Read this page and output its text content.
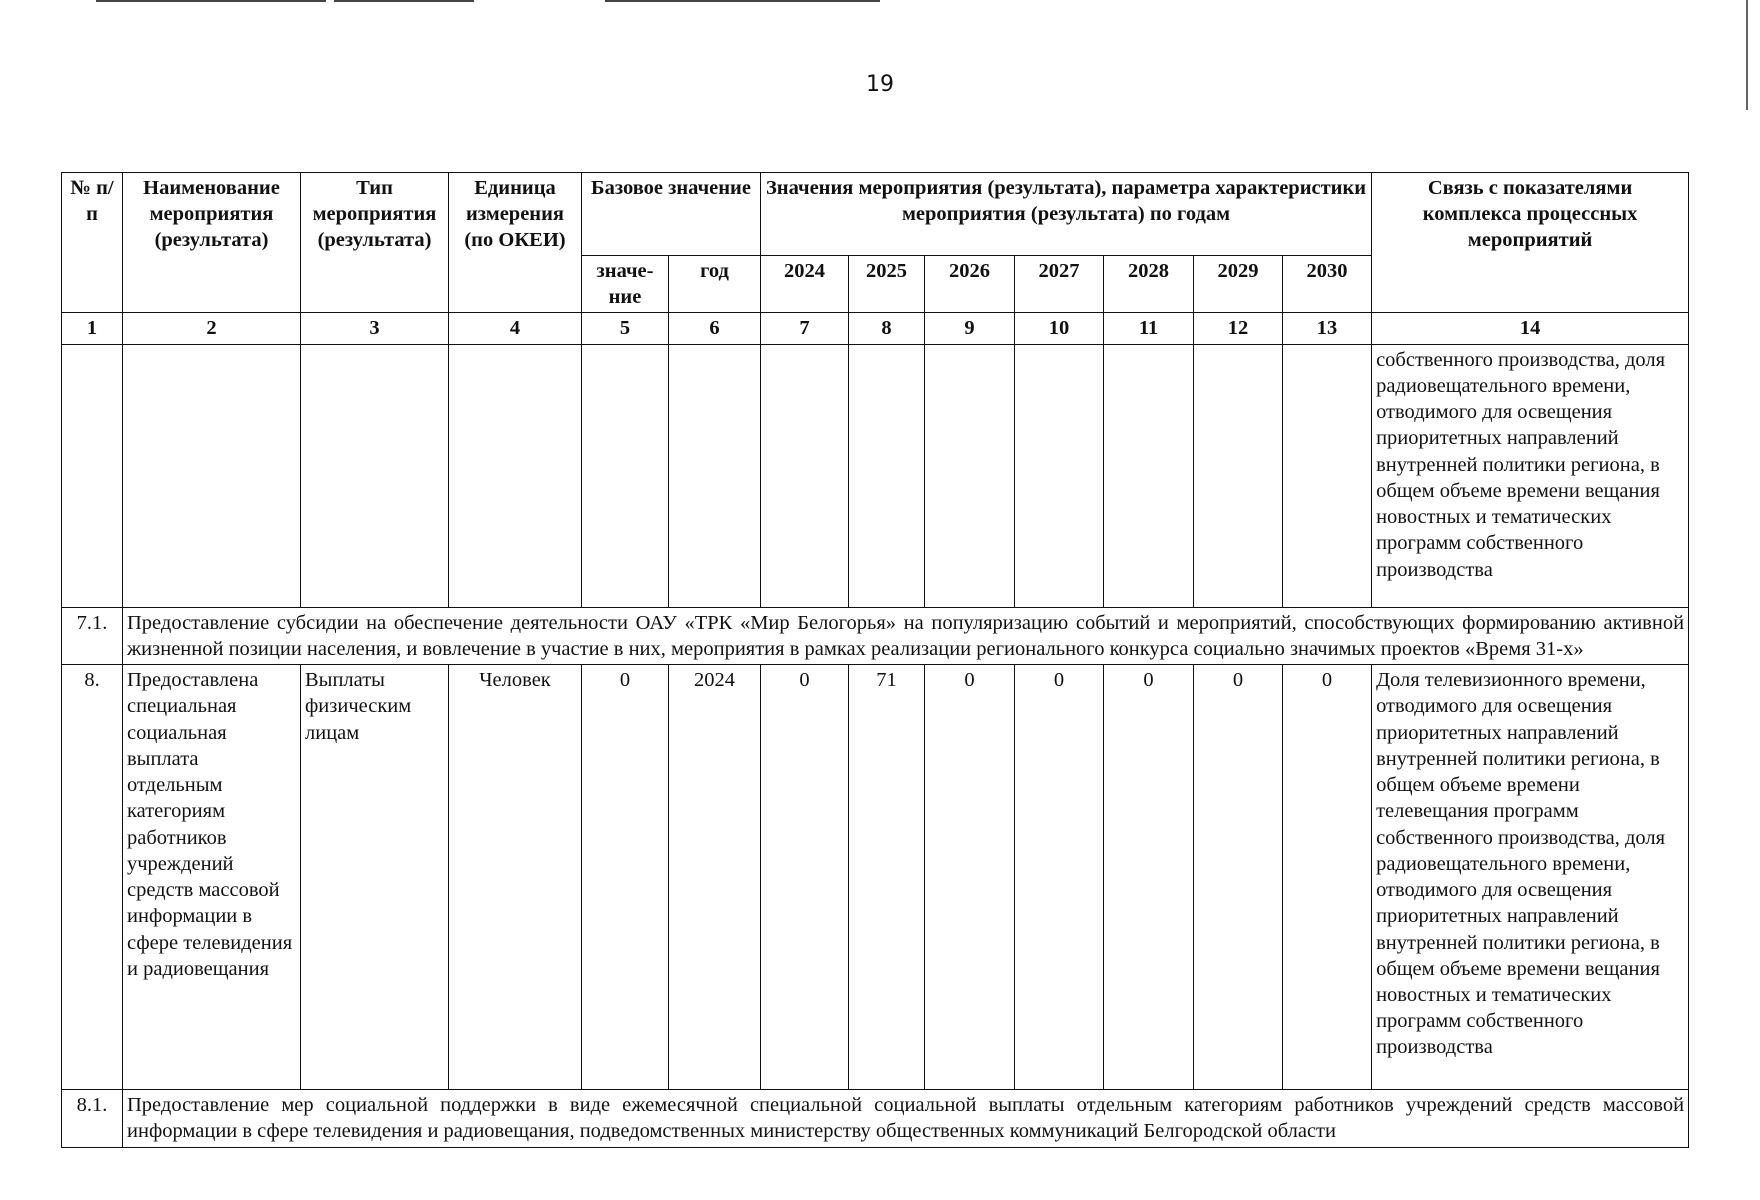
19
№ п/п	Наименование мероприятия (результата)	Тип мероприятия (результата)	Единица измерения (по ОКЕИ)	Базовое значение		Значения мероприятия (результата), параметра характеристики мероприятия (результата) по годам							Связь с показателями комплекса процессных мероприятий
				значе-ние	год	2024	2025	2026	2027	2028	2029	2030	
1	2	3	4	5	6	7	8	9	10	11	12	13	14
													собственного производства, доля радиовещательного времени, отводимого для освещения приоритетных направлений внутренней политики региона, в общем объеме времени вещания новостных и тематических программ собственного производства
7.1.	Предоставление субсидии на обеспечение деятельности ОАУ «ТРК «Мир Белогорья» на популяризацию событий и мероприятий, способствующих формированию активной жизненной позиции населения, и вовлечение в участие в них, мероприятия в рамках реализации регионального конкурса социально значимых проектов «Время 31-х»												
8.	Предоставлена специальная социальная выплата отдельным категориям работников учреждений средств массовой информации в сфере телевидения и радиовещания	Выплаты физическим лицам	Человек	0	2024	0	71	0	0	0	0	0	Доля телевизионного времени, отводимого для освещения приоритетных направлений внутренней политики региона, в общем объеме времени телевещания программ собственного производства, доля радиовещательного времени, отводимого для освещения приоритетных направлений внутренней политики региона, в общем объеме времени вещания новостных и тематических программ собственного производства
8.1.	Предоставление мер социальной поддержки в виде ежемесячной специальной социальной выплаты отдельным категориям работников учреждений средств массовой информации в сфере телевидения и радиовещания, подведомственных министерству общественных коммуникаций Белгородской области												
